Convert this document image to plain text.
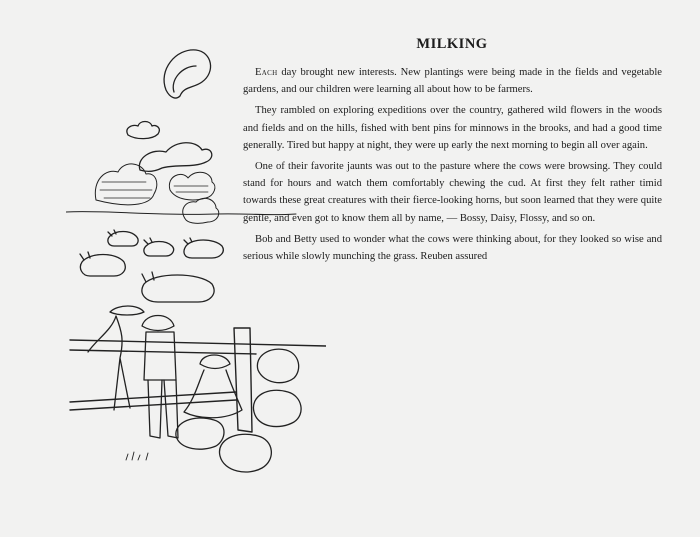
MILKING

Each day brought new interests. New plantings were being made in the fields and vegetable gardens, and our children were learning all about how to be farmers.

They rambled on exploring expeditions over the country, gathered wild flowers in the woods and fields and on the hills, fished with bent pins for minnows in the brooks, and had a good time generally. Tired but happy at night, they were up early the next morning to begin all over again.

One of their favorite jaunts was out to the pasture where the cows were browsing. They could stand for hours and watch them comfortably chewing the cud. At first they felt rather timid towards these great creatures with their fierce-looking horns, but soon learned that they were quite gentle, and even got to know them all by name, — Bossy, Daisy, Flossy, and so on.

Bob and Betty used to wonder what the cows were thinking about, for they looked so wise and serious while slowly munching the grass. Reuben assured
